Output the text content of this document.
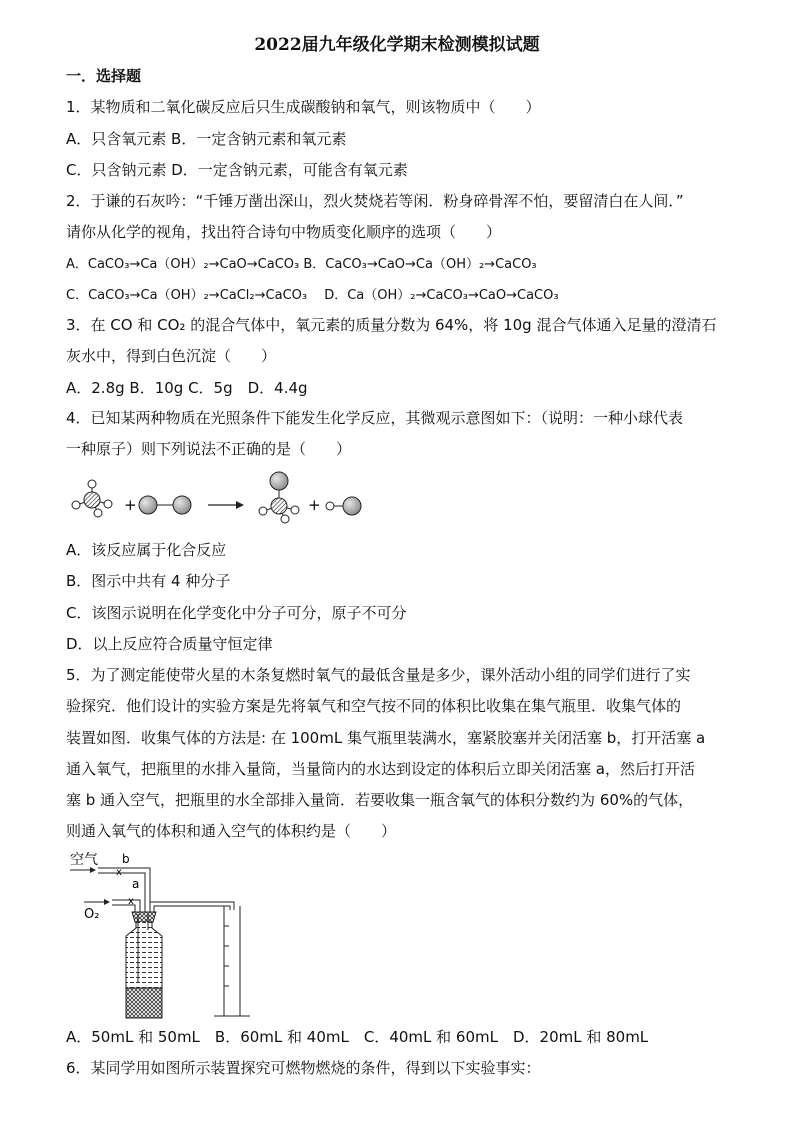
2022届九年级化学期末检测模拟试题
一．选择题
1．某物质和二氧化碳反应后只生成碳酸钠和氧气，则该物质中（　　）
A．只含氧元素 B．一定含钠元素和氧元素
C．只含钠元素 D．一定含钠元素，可能含有氧元素
2．于谦的石灰吟：“千锤万凿出深山，烈火焚烧若等闲．粉身碎骨浑不怕，要留清白在人间．”
请你从化学的视角，找出符合诗句中物质变化顺序的选项（　　）
A．CaCO₃→Ca（OH）₂→CaO→CaCO₃ B．CaCO₃→CaO→Ca（OH）₂→CaCO₃
C．CaCO₃→Ca（OH）₂→CaCl₂→CaCO₃　 D．Ca（OH）₂→CaCO₃→CaO→CaCO₃
3．在 CO 和 CO₂ 的混合气体中，氧元素的质量分数为 64%，将 10g 混合气体通入足量的澄清石
灰水中，得到白色沉淀（　　）
A．2.8g B．10g C．5g　D．4.4g
4．已知某两种物质在光照条件下能发生化学反应，其微观示意图如下：（说明：一种小球代表
一种原子）则下列说法不正确的是（　　）
+	+
A．该反应属于化合反应
B．图示中共有 4 种分子
C．该图示说明在化学变化中分子可分，原子不可分
D．以上反应符合质量守恒定律
5．为了测定能使带火星的木条复燃时氧气的最低含量是多少，课外活动小组的同学们进行了实
验探究．他们设计的实验方案是先将氧气和空气按不同的体积比收集在集气瓶里．收集气体的
装置如图．收集气体的方法是: 在 100mL 集气瓶里装满水，塞紧胶塞并关闭活塞 b，打开活塞 a
通入氧气，把瓶里的水排入量筒，当量筒内的水达到设定的体积后立即关闭活塞 a，然后打开活
塞 b 通入空气，把瓶里的水全部排入量筒．若要收集一瓶含氧气的体积分数约为 60%的气体，
则通入氧气的体积和通入空气的体积约是（　　）
空气 b
a
O₂
x
x
A．50mL 和 50mL　B．60mL 和 40mL　C．40mL 和 60mL　D．20mL 和 80mL
6．某同学用如图所示装置探究可燃物燃烧的条件，得到以下实验事实：
